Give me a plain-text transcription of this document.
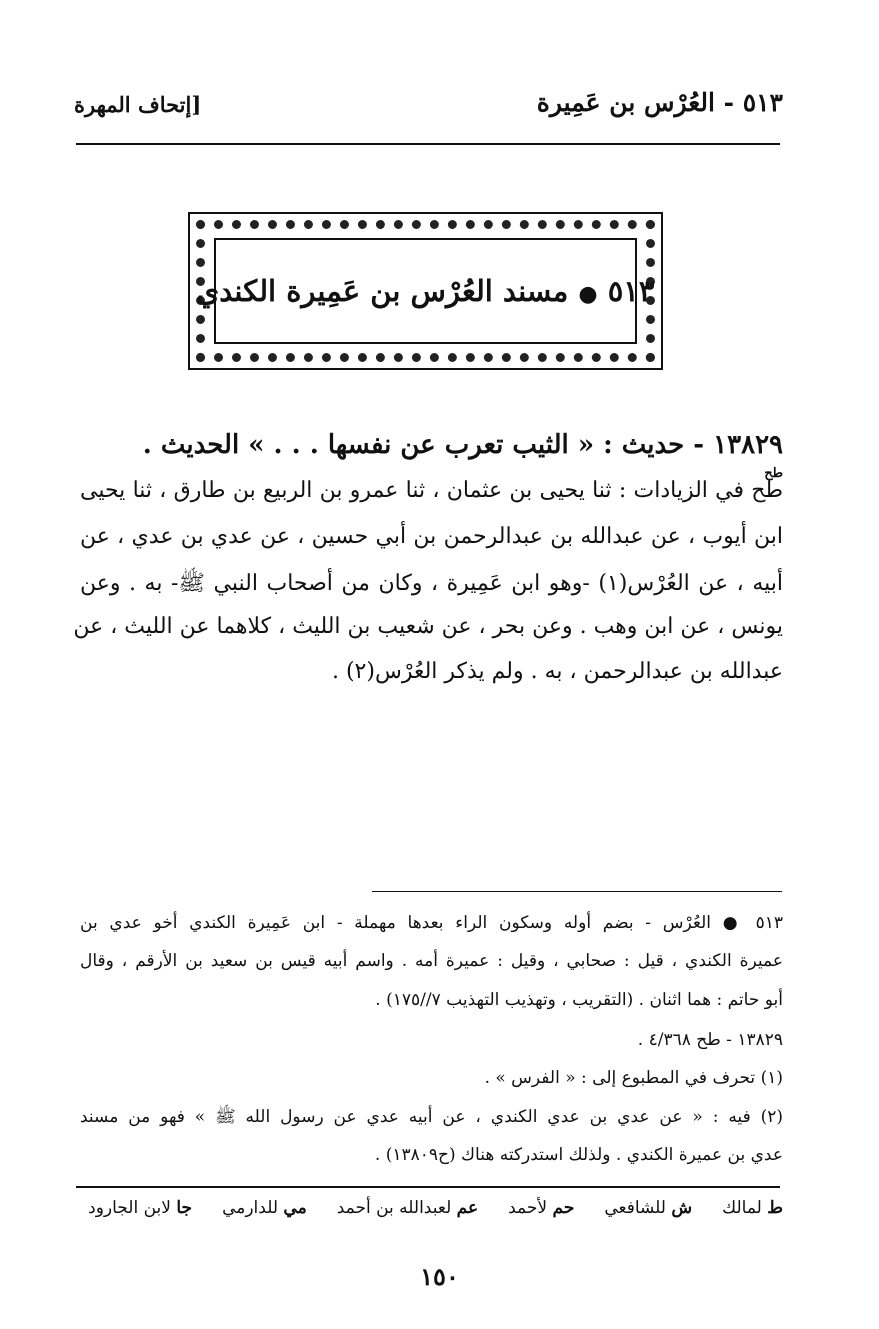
٥١٣ - العُرْس بن عَمِيرة
[إتحاف المهرة
٥١٣ ● مسند العُرْس بن عَمِيرة الكندي
١٣٨٢٩ - حديث : « الثيب تعرب عن نفسها . . . » الحديث .
طح
طح في الزيادات : ثنا يحيى بن عثمان ، ثنا عمرو بن الربيع بن طارق ، ثنا يحيى
ابن أيوب ، عن عبدالله بن عبدالرحمن بن أبي حسين ، عن عدي بن عدي ، عن
أبيه ، عن العُرْس(١) -وهو ابن عَمِيرة ، وكان من أصحاب النبي ﷺ- به . وعن
يونس ، عن ابن وهب . وعن بحر ، عن شعيب بن الليث ، كلاهما عن الليث ، عن
عبدالله بن عبدالرحمن ، به . ولم يذكر العُرْس(٢) .
٥١٣ ● العُرْس - بضم أوله وسكون الراء بعدها مهملة - ابن عَمِيرة الكندي أخو عدي بن
عميرة الكندي ، قيل : صحابي ، وقيل : عميرة أمه . واسم أبيه قيس بن سعيد بن الأرقم ، وقال
أبو حاتم : هما اثنان . (التقريب ، وتهذيب التهذيب ٧//١٧٥) .
١٣٨٢٩ - طح ٤/٣٦٨ .
(١) تحرف في المطبوع إلى : « الفرس » .
(٢) فيه : « عن عدي بن عدي الكندي ، عن أبيه عدي عن رسول الله ﷺ » فهو من مسند
عدي بن عميرة الكندي . ولذلك استدركته هناك (ح١٣٨٠٩) .
ط لمالك
ش للشافعي
حم لأحمد
عم لعبدالله بن أحمد
مي للدارمي
جا لابن الجارود
١٥٠
